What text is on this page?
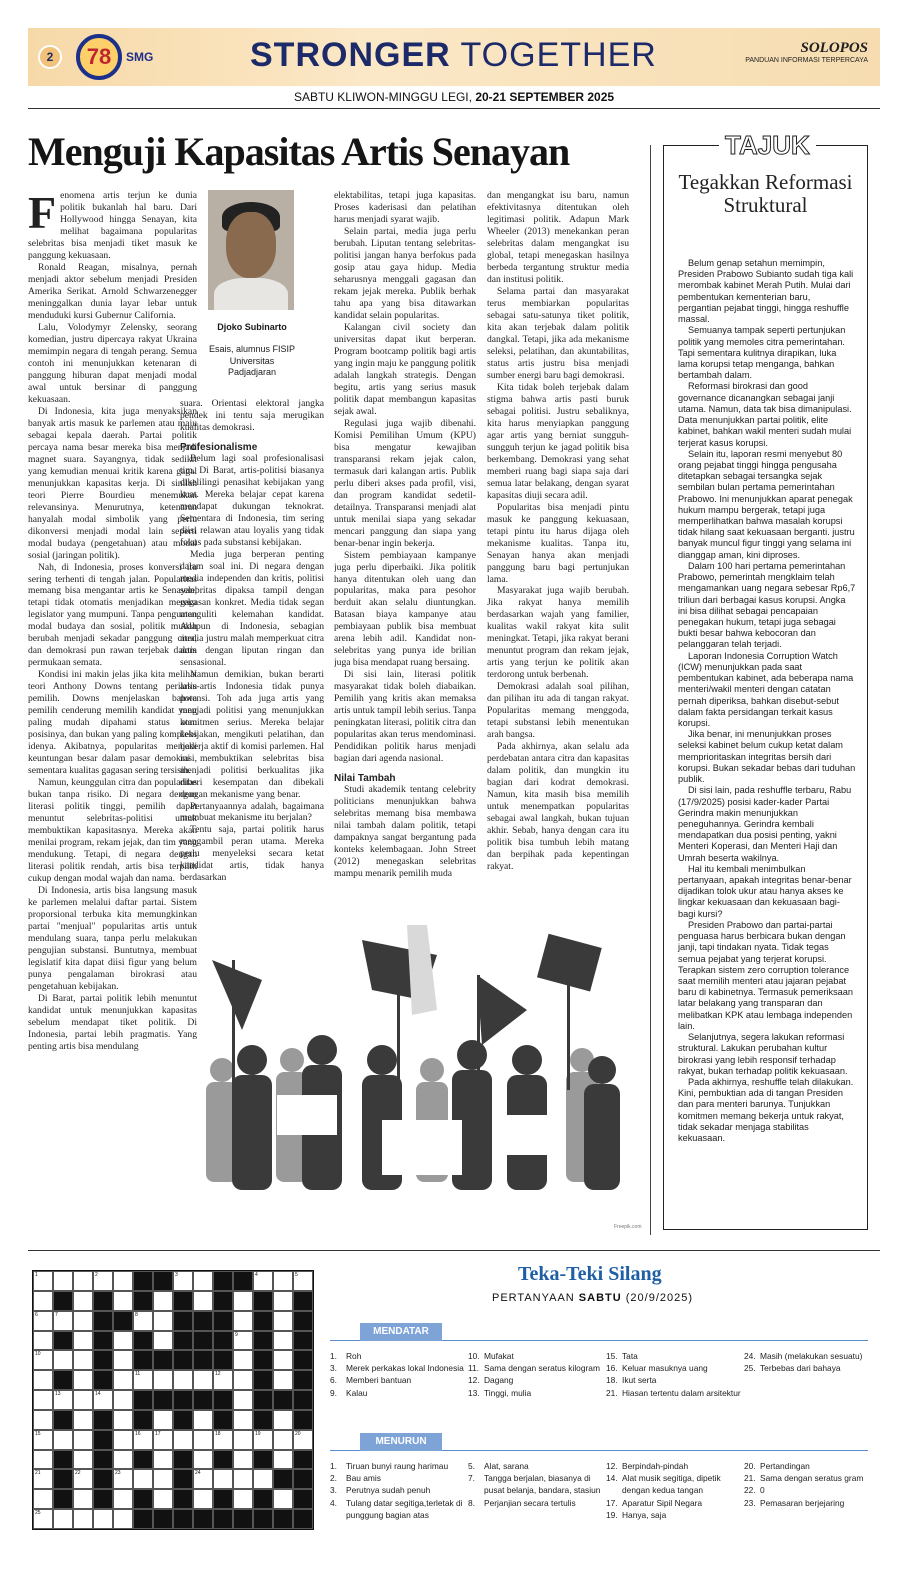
2	78	SMG	STRONGER TOGETHER	SOLOPOS
PANDUAN INFORMASI TERPERCAYA
SABTU KLIWON-MINGGU LEGI, 20-21 SEPTEMBER 2025
Menguji Kapasitas Artis Senayan
F enomena artis terjun ke dunia politik bukanlah hal baru. Dari Hollywood hingga Senayan, kita melihat bagaimana popularitas selebritas bisa menjadi tiket masuk ke panggung kekuasaan.

Ronald Reagan, misalnya, pernah menjadi aktor sebelum menjadi Presiden Amerika Serikat. Arnold Schwarzenegger meninggalkan dunia layar lebar untuk menduduki kursi Gubernur California.

Lalu, Volodymyr Zelensky, seorang komedian, justru dipercaya rakyat Ukraina memimpin negara di tengah perang. Semua contoh ini menunjukkan ketenaran di panggung hiburan dapat menjadi modal awal untuk bersinar di panggung kekuasaan.

Di Indonesia, kita juga menyaksikan banyak artis masuk ke parlemen atau maju sebagai kepala daerah. Partai politik percaya nama besar mereka bisa menjadi magnet suara. Sayangnya, tidak sedikit yang kemudian menuai kritik karena gagal menunjukkan kapasitas kerja. Di sinilah teori Pierre Bourdieu menemukan relevansinya. Menurutnya, ketenaran hanyalah modal simbolik yang perlu dikonversi menjadi modal lain seperti modal budaya (pengetahuan) atau modal sosial (jaringan politik).

Nah, di Indonesia, proses konversi itu sering terhenti di tengah jalan. Popularitas memang bisa mengantar artis ke Senayan, tetapi tidak otomatis menjadikan mereka legislator yang mumpuni. Tanpa penguatan modal budaya dan sosial, politik mudah berubah menjadi sekadar panggung citra, dan demokrasi pun rawan terjebak dalam permukaan semata.

Kondisi ini makin jelas jika kita melihat teori Anthony Downs tentang perilaku pemilih. Downs menjelaskan bahwa pemilih cenderung memilih kandidat yang paling mudah dipahami status atau posisinya, dan bukan yang paling kompleks idenya. Akibatnya, popularitas menjadi keuntungan besar dalam pasar demokrasi, sementara kualitas gagasan sering tersisih.

Namun, keunggulan citra dan popularitas bukan tanpa risiko. Di negara dengan literasi politik tinggi, pemilih dapat menuntut selebritas-politisi untuk membuktikan kapasitasnya. Mereka akan menilai program, rekam jejak, dan tim yang mendukung. Tetapi, di negara dengan literasi politik rendah, artis bisa terpilih cukup dengan modal wajah dan nama.

Di Indonesia, artis bisa langsung masuk ke parlemen melalui daftar partai. Sistem proporsional terbuka kita memungkinkan partai "menjual" popularitas artis untuk mendulang suara, tanpa perlu melakukan pengujian substansi. Buntutnya, membuat legislatif kita dapat diisi figur yang belum punya pengalaman birokrasi atau pengetahuan kebijakan.

Di Barat, partai politik lebih menuntut kandidat untuk menunjukkan kapasitas sebelum mendapat tiket politik. Di Indonesia, partai lebih pragmatis. Yang penting artis bisa mendulang

Djoko Subinarto
Esais, alumnus FISIP Universitas Padjadjaran

suara. Orientasi elektoral jangka pendek ini tentu saja merugikan kualitas demokrasi.

Profesionalisme

Belum lagi soal profesionalisasi tim. Di Barat, artis-politisi biasanya dikelilingi penasihat kebijakan yang kuat. Mereka belajar cepat karena mendapat dukungan teknokrat. Sementara di Indonesia, tim sering diisi relawan atau loyalis yang tidak fokus pada substansi kebijakan.

Media juga berperan penting dalam soal ini. Di negara dengan media independen dan kritis, politisi selebritas dipaksa tampil dengan gagasan konkret. Media tidak segan menguliti kelemahan kandidat. Adapun di Indonesia, sebagian media justru malah memperkuat citra artis dengan liputan ringan dan sensasional.

Namun demikian, bukan berarti artis-artis Indonesia tidak punya potensi. Toh ada juga artis yang menjadi politisi yang menunjukkan komitmen serius. Mereka belajar kebijakan, mengikuti pelatihan, dan bekerja aktif di komisi parlemen. Hal ini membuktikan selebritas bisa menjadi politisi berkualitas jika diberi kesempatan dan dibekali dengan mekanisme yang benar.

Pertanyaannya adalah, bagaimana membuat mekanisme itu berjalan?

Tentu saja, partai politik harus mengambil peran utama. Mereka perlu menyeleksi secara ketat kandidat artis, tidak hanya berdasarkan

elektabilitas, tetapi juga kapasitas. Proses kaderisasi dan pelatihan harus menjadi syarat wajib.

Selain partai, media juga perlu berubah. Liputan tentang selebritas-politisi jangan hanya berfokus pada gosip atau gaya hidup. Media seharusnya menggali gagasan dan rekam jejak mereka. Publik berhak tahu apa yang bisa ditawarkan kandidat selain popularitas.

Kalangan civil society dan universitas dapat ikut berperan. Program bootcamp politik bagi artis yang ingin maju ke panggung politik adalah langkah strategis. Dengan begitu, artis yang serius masuk politik dapat membangun kapasitas sejak awal.

Regulasi juga wajib dibenahi. Komisi Pemilihan Umum (KPU) bisa mengatur kewajiban transparansi rekam jejak calon, termasuk dari kalangan artis. Publik perlu diberi akses pada profil, visi, dan program kandidat sedetil-detailnya. Transparansi menjadi alat untuk menilai siapa yang sekadar mencari panggung dan siapa yang benar-benar ingin bekerja.

Sistem pembiayaan kampanye juga perlu diperbaiki. Jika politik hanya ditentukan oleh uang dan popularitas, maka para pesohor berduit akan selalu diuntungkan. Batasan biaya kampanye atau pembiayaan publik bisa membuat arena lebih adil. Kandidat non-selebritas yang punya ide brilian juga bisa mendapat ruang bersaing.

Di sisi lain, literasi politik masyarakat tidak boleh diabaikan. Pemilih yang kritis akan memaksa artis untuk tampil lebih serius. Tanpa peningkatan literasi, politik citra dan popularitas akan terus mendominasi. Pendidikan politik harus menjadi bagian dari agenda nasional.

Nilai Tambah

Studi akademik tentang celebrity politicians menunjukkan bahwa selebritas memang bisa membawa nilai tambah dalam politik, tetapi dampaknya sangat bergantung pada konteks kelembagaan. John Street (2012) menegaskan selebritas mampu menarik pemilih muda

dan mengangkat isu baru, namun efektivitasnya ditentukan oleh legitimasi politik. Adapun Mark Wheeler (2013) menekankan peran selebritas dalam mengangkat isu global, tetapi menegaskan hasilnya berbeda tergantung struktur media dan institusi politik.

Selama partai dan masyarakat terus membiarkan popularitas sebagai satu-satunya tiket politik, kita akan terjebak dalam politik dangkal. Tetapi, jika ada mekanisme seleksi, pelatihan, dan akuntabilitas, status artis justru bisa menjadi sumber energi baru bagi demokrasi.

Kita tidak boleh terjebak dalam stigma bahwa artis pasti buruk sebagai politisi. Justru sebaliknya, kita harus menyiapkan panggung agar artis yang berniat sungguh-sungguh terjun ke jagad politik bisa berkembang. Demokrasi yang sehat memberi ruang bagi siapa saja dari semua latar belakang, dengan syarat kapasitas diuji secara adil.

Popularitas bisa menjadi pintu masuk ke panggung kekuasaan, tetapi pintu itu harus dijaga oleh mekanisme kualitas. Tanpa itu, Senayan hanya akan menjadi panggung baru bagi pertunjukan lama.

Masyarakat juga wajib berubah. Jika rakyat hanya memilih berdasarkan wajah yang familier, kualitas wakil rakyat kita sulit meningkat. Tetapi, jika rakyat berani menuntut program dan rekam jejak, artis yang terjun ke politik akan terdorong untuk berbenah.

Demokrasi adalah soal pilihan, dan pilihan itu ada di tangan rakyat. Popularitas memang menggoda, tetapi substansi lebih menentukan arah bangsa.

Pada akhirnya, akan selalu ada perdebatan antara citra dan kapasitas dalam politik, dan mungkin itu bagian dari kodrat demokrasi. Namun, kita masih bisa memilih untuk menempatkan popularitas sebagai awal langkah, bukan tujuan akhir. Sebab, hanya dengan cara itu politik bisa tumbuh lebih matang dan berpihak pada kepentingan rakyat.

Freepik.com
TAJUK
Tegakkan Reformasi Struktural

Belum genap setahun memimpin, Presiden Prabowo Subianto sudah tiga kali merombak kabinet Merah Putih. Mulai dari pembentukan kementerian baru, pergantian pejabat tinggi, hingga reshuffle massal.

Semuanya tampak seperti pertunjukan politik yang memoles citra pemerintahan. Tapi sementara kulitnya dirapikan, luka lama korupsi tetap menganga, bahkan bertambah dalam.

Reformasi birokrasi dan good governance dicanangkan sebagai janji utama. Namun, data tak bisa dimanipulasi. Data menunjukkan partai politik, elite kabinet, bahkan wakil menteri sudah mulai terjerat kasus korupsi.

Selain itu, laporan resmi menyebut 80 orang pejabat tinggi hingga pengusaha ditetapkan sebagai tersangka sejak sembilan bulan pertama pemerintahan Prabowo. Ini menunjukkan aparat penegak hukum mampu bergerak, tetapi juga memperlihatkan bahwa masalah korupsi tidak hilang saat kekuasaan berganti. justru banyak muncul figur tinggi yang selama ini dianggap aman, kini diproses.

Dalam 100 hari pertama pemerintahan Prabowo, pemerintah mengklaim telah mengamankan uang negara sebesar Rp6,7 triliun dari berbagai kasus korupsi. Angka ini bisa dilihat sebagai pencapaian penegakan hukum, tetapi juga sebagai bukti besar bahwa kebocoran dan pelanggaran telah terjadi.

Laporan Indonesia Corruption Watch (ICW) menunjukkan pada saat pembentukan kabinet, ada beberapa nama menteri/wakil menteri dengan catatan pernah diperiksa, bahkan disebut-sebut dalam fakta persidangan terkait kasus korupsi.

Jika benar, ini menunjukkan proses seleksi kabinet belum cukup ketat dalam memprioritaskan integritas bersih dari korupsi. Bukan sekadar bebas dari tuduhan publik.

Di sisi lain, pada reshuffle terbaru, Rabu (17/9/2025) posisi kader-kader Partai Gerindra makin menunjukkan peneguhannya. Gerindra kembali mendapatkan dua posisi penting, yakni Menteri Koperasi, dan Menteri Haji dan Umrah beserta wakilnya.

Hal itu kembali menimbulkan pertanyaan, apakah integritas benar-benar dijadikan tolok ukur atau hanya akses ke lingkar kekuasaan dan kekuasaan bagi-bagi kursi?

Presiden Prabowo dan partai-partai penguasa harus berbicara bukan dengan janji, tapi tindakan nyata. Tidak tegas semua pejabat yang terjerat korupsi. Terapkan sistem zero corruption tolerance saat memilih menteri atau jajaran pejabat baru di kabinetnya. Termasuk pemeriksaan latar belakang yang transparan dan melibatkan KPK atau lembaga independen lain.

Selanjutnya, segera lakukan reformasi struktural. Lakukan perubahan kultur birokrasi yang lebih responsif terhadap rakyat, bukan terhadap politik kekuasaan.

Pada akhirnya, reshuffle telah dilakukan. Kini, pembuktian ada di tangan Presiden dan para menteri barunya. Tunjukkan komitmen memang bekerja untuk rakyat, tidak sekadar menjaga stabilitas kekuasaan.

1	2	3	4	5
6	7	8
9
10
11	12
13	14
15	16	17	18	19	20
21	22	23	24
25
Teka-Teki Silang
PERTANYAAN SABTU (20/9/2025)
MENDATAR
1.	Roh
3.	Merek perkakas lokal Indonesia
6.	Memberi bantuan
9.	Kalau
10. Mufakat
11. Sama dengan seratus kilogram
12. Dagang
13. Tinggi, mulia
15. Tata
16. Keluar masuknya uang
18. Ikut serta
21. Hiasan tertentu dalam arsitektur
24. Masih (melakukan sesuatu)
25. Terbebas dari bahaya
MENURUN
1.	Tiruan bunyi raung harimau
2.	Bau amis
3.	Perutnya sudah penuh
4.	Tulang datar segitiga,terletak di punggung bagian atas
5.	Alat, sarana
7.	Tangga berjalan, biasanya di pusat belanja, bandara, stasiun
8.	Perjanjian secara tertulis
12. Berpindah-pindah
14. Alat musik segitiga, dipetik dengan kedua tangan
17. Aparatur Sipil Negara
19. Hanya, saja
20. Pertandingan
21. Sama dengan seratus gram
22. 0
23. Pemasaran berjejaring
